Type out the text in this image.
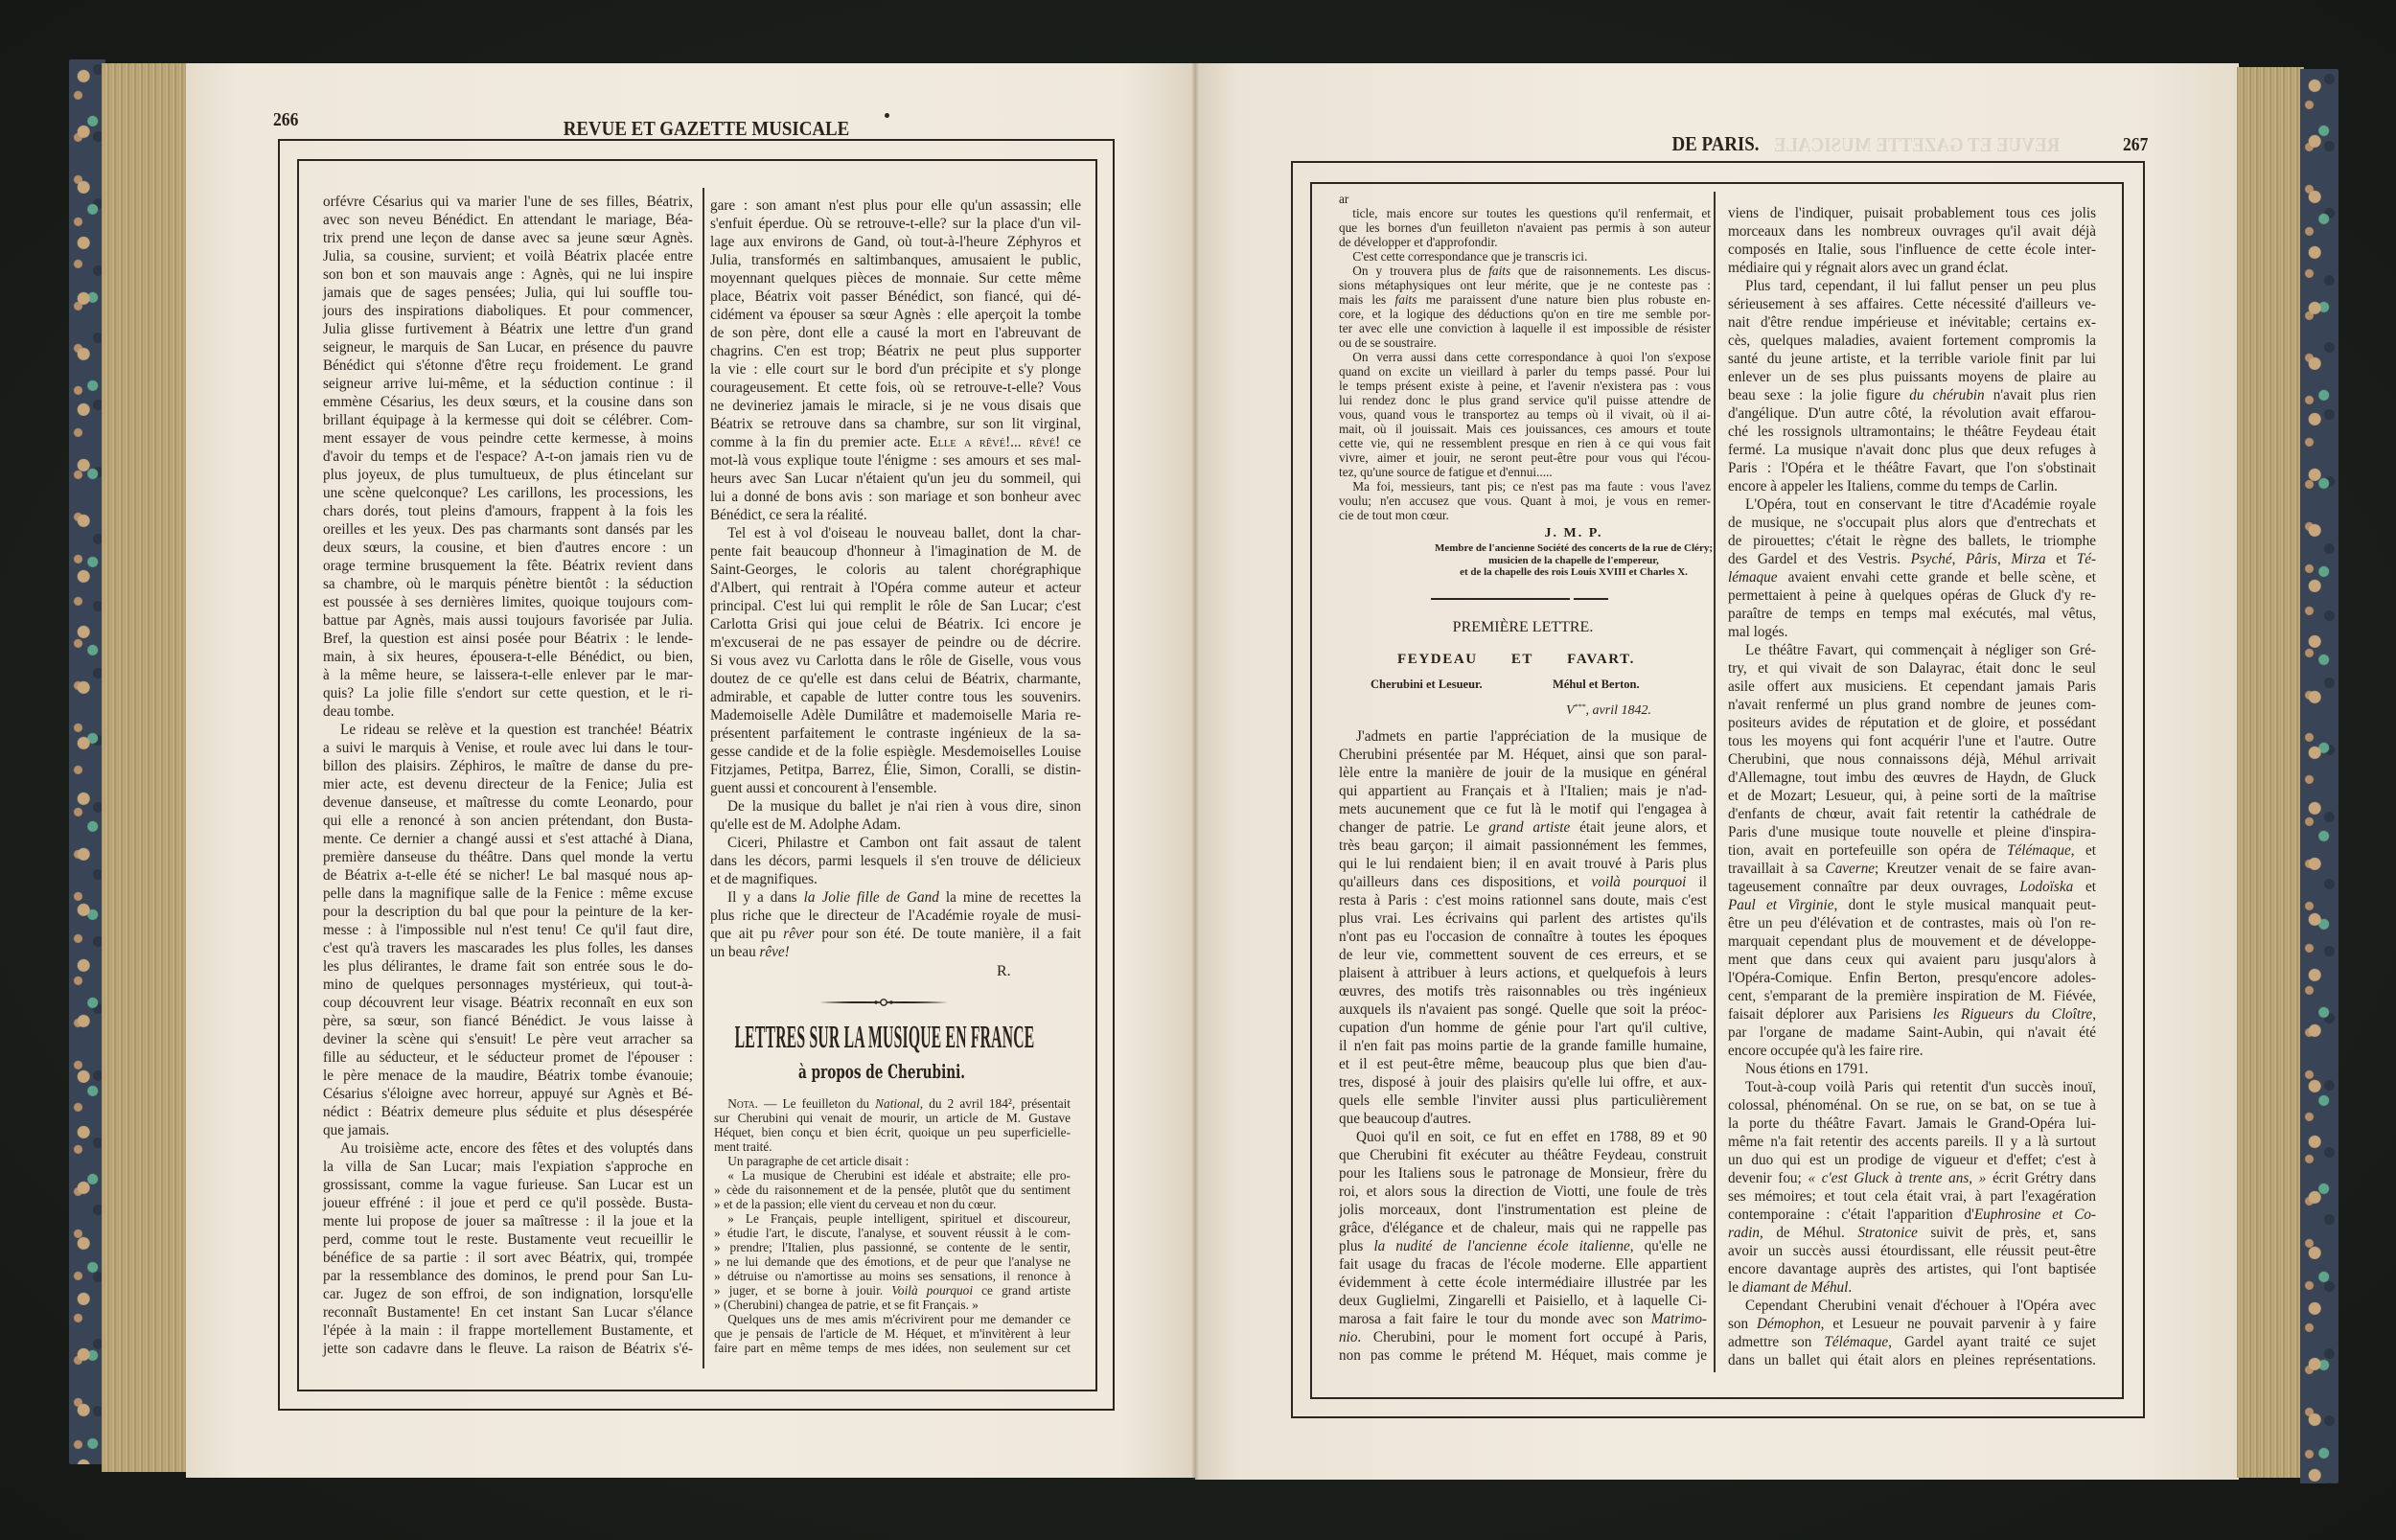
266	REVUE ET GAZETTE MUSICALE
orfévre Césarius qui va marier l'une de ses filles, Béatrix,
avec son neveu Bénédict. En attendant le mariage, Béa-
trix prend une leçon de danse avec sa jeune sœur Agnès.
Julia, sa cousine, survient; et voilà Béatrix placée entre
son bon et son mauvais ange : Agnès, qui ne lui inspire
jamais que de sages pensées; Julia, qui lui souffle tou-
jours des inspirations diaboliques. Et pour commencer,
Julia glisse furtivement à Béatrix une lettre d'un grand
seigneur, le marquis de San Lucar, en présence du pauvre
Bénédict qui s'étonne d'être reçu froidement. Le grand
seigneur arrive lui-même, et la séduction continue : il
emmène Césarius, les deux sœurs, et la cousine dans son
brillant équipage à la kermesse qui doit se célébrer. Com-
ment essayer de vous peindre cette kermesse, à moins
d'avoir du temps et de l'espace? A-t-on jamais rien vu de
plus joyeux, de plus tumultueux, de plus étincelant sur
une scène quelconque? Les carillons, les processions, les
chars dorés, tout pleins d'amours, frappent à la fois les
oreilles et les yeux. Des pas charmants sont dansés par les
deux sœurs, la cousine, et bien d'autres encore : un
orage termine brusquement la fête. Béatrix revient dans
sa chambre, où le marquis pénètre bientôt : la séduction
est poussée à ses dernières limites, quoique toujours com-
battue par Agnès, mais aussi toujours favorisée par Julia.
Bref, la question est ainsi posée pour Béatrix : le lende-
main, à six heures, épousera-t-elle Bénédict, ou bien,
à la même heure, se laissera-t-elle enlever par le mar-
quis? La jolie fille s'endort sur cette question, et le ri-
deau tombe.
Le rideau se relève et la question est tranchée! Béatrix
a suivi le marquis à Venise, et roule avec lui dans le tour-
billon des plaisirs. Zéphiros, le maître de danse du pre-
mier acte, est devenu directeur de la Fenice; Julia est
devenue danseuse, et maîtresse du comte Leonardo, pour
qui elle a renoncé à son ancien prétendant, don Busta-
mente. Ce dernier a changé aussi et s'est attaché à Diana,
première danseuse du théâtre. Dans quel monde la vertu
de Béatrix a-t-elle été se nicher! Le bal masqué nous ap-
pelle dans la magnifique salle de la Fenice : même excuse
pour la description du bal que pour la peinture de la ker-
messe : à l'impossible nul n'est tenu! Ce qu'il faut dire,
c'est qu'à travers les mascarades les plus folles, les danses
les plus délirantes, le drame fait son entrée sous le do-
mino de quelques personnages mystérieux, qui tout-à-
coup découvrent leur visage. Béatrix reconnaît en eux son
père, sa sœur, son fiancé Bénédict. Je vous laisse à
deviner la scène qui s'ensuit! Le père veut arracher sa
fille au séducteur, et le séducteur promet de l'épouser :
le père menace de la maudire, Béatrix tombe évanouie;
Césarius s'éloigne avec horreur, appuyé sur Agnès et Bé-
nédict : Béatrix demeure plus séduite et plus désespérée
que jamais.
Au troisième acte, encore des fêtes et des voluptés dans
la villa de San Lucar; mais l'expiation s'approche en
grossissant, comme la vague furieuse. San Lucar est un
joueur effréné : il joue et perd ce qu'il possède. Busta-
mente lui propose de jouer sa maîtresse : il la joue et la
perd, comme tout le reste. Bustamente veut recueillir le
bénéfice de sa partie : il sort avec Béatrix, qui, trompée
par la ressemblance des dominos, le prend pour San Lu-
car. Jugez de son effroi, de son indignation, lorsqu'elle
reconnaît Bustamente! En cet instant San Lucar s'élance
l'épée à la main : il frappe mortellement Bustamente, et
jette son cadavre dans le fleuve. La raison de Béatrix s'é-
gare : son amant n'est plus pour elle qu'un assassin; elle
s'enfuit éperdue. Où se retrouve-t-elle? sur la place d'un vil-
lage aux environs de Gand, où tout-à-l'heure Zéphyros et
Julia, transformés en saltimbanques, amusaient le public,
moyennant quelques pièces de monnaie. Sur cette même
place, Béatrix voit passer Bénédict, son fiancé, qui dé-
cidément va épouser sa sœur Agnès : elle aperçoit la tombe
de son père, dont elle a causé la mort en l'abreuvant de
chagrins. C'en est trop; Béatrix ne peut plus supporter
la vie : elle court sur le bord d'un précipite et s'y plonge
courageusement. Et cette fois, où se retrouve-t-elle? Vous
ne devineriez jamais le miracle, si je ne vous disais que
Béatrix se retrouve dans sa chambre, sur son lit virginal,
comme à la fin du premier acte. Elle a rêvé!... rêvé! ce
mot-là vous explique toute l'énigme : ses amours et ses mal-
heurs avec San Lucar n'étaient qu'un jeu du sommeil, qui
lui a donné de bons avis : son mariage et son bonheur avec
Bénédict, ce sera la réalité.
Tel est à vol d'oiseau le nouveau ballet, dont la char-
pente fait beaucoup d'honneur à l'imagination de M. de
Saint-Georges, le coloris au talent chorégraphique
d'Albert, qui rentrait à l'Opéra comme auteur et acteur
principal. C'est lui qui remplit le rôle de San Lucar; c'est
Carlotta Grisi qui joue celui de Béatrix. Ici encore je
m'excuserai de ne pas essayer de peindre ou de décrire.
Si vous avez vu Carlotta dans le rôle de Giselle, vous vous
doutez de ce qu'elle est dans celui de Béatrix, charmante,
admirable, et capable de lutter contre tous les souvenirs.
Mademoiselle Adèle Dumilâtre et mademoiselle Maria re-
présentent parfaitement le contraste ingénieux de la sa-
gesse candide et de la folie espiègle. Mesdemoiselles Louise
Fitzjames, Petitpa, Barrez, Élie, Simon, Coralli, se distin-
guent aussi et concourent à l'ensemble.
De la musique du ballet je n'ai rien à vous dire, sinon
qu'elle est de M. Adolphe Adam.
Ciceri, Philastre et Cambon ont fait assaut de talent
dans les décors, parmi lesquels il s'en trouve de délicieux
et de magnifiques.
Il y a dans la Jolie fille de Gand la mine de recettes la
plus riche que le directeur de l'Académie royale de musi-
que ait pu rêver pour son été. De toute manière, il a fait
un beau rêve!
R.
LETTRES SUR LA MUSIQUE EN FRANCE
à propos de Cherubini.
Nota. — Le feuilleton du National, du 2 avril 184², présentait
sur Cherubini qui venait de mourir, un article de M. Gustave
Héquet, bien conçu et bien écrit, quoique un peu superficielle-
ment traité.
Un paragraphe de cet article disait :
« La musique de Cherubini est idéale et abstraite; elle pro-
» cède du raisonnement et de la pensée, plutôt que du sentiment
» et de la passion; elle vient du cerveau et non du cœur.
» Le Français, peuple intelligent, spirituel et discoureur,
» étudie l'art, le discute, l'analyse, et souvent réussit à le com-
» prendre; l'Italien, plus passionné, se contente de le sentir,
» ne lui demande que des émotions, et de peur que l'analyse ne
» détruise ou n'amortisse au moins ses sensations, il renonce à
» juger, et se borne à jouir. Voilà pourquoi ce grand artiste
» (Cherubini) changea de patrie, et se fit Français. »
Quelques uns de mes amis m'écrivirent pour me demander ce
que je pensais de l'article de M. Héquet, et m'invitèrent à leur
faire part en même temps de mes idées, non seulement sur cet
REVUE ET GAZETTE MUSICALE
DE PARIS.	267
ar
ticle, mais encore sur toutes les questions qu'il renfermait, et
que les bornes d'un feuilleton n'avaient pas permis à son auteur
de développer et d'approfondir.
C'est cette correspondance que je transcris ici.
On y trouvera plus de faits que de raisonnements. Les discus-
sions métaphysiques ont leur mérite, que je ne conteste pas :
mais les faits me paraissent d'une nature bien plus robuste en-
core, et la logique des déductions qu'on en tire me semble por-
ter avec elle une conviction à laquelle il est impossible de résister
ou de se soustraire.
On verra aussi dans cette correspondance à quoi l'on s'expose
quand on excite un vieillard à parler du temps passé. Pour lui
le temps présent existe à peine, et l'avenir n'existera pas : vous
lui rendez donc le plus grand service qu'il puisse attendre de
vous, quand vous le transportez au temps où il vivait, où il ai-
mait, où il jouissait. Mais ces jouissances, ces amours et toute
cette vie, qui ne ressemblent presque en rien à ce qui vous fait
vivre, aimer et jouir, ne seront peut-être pour vous qui l'écou-
tez, qu'une source de fatigue et d'ennui.....
Ma foi, messieurs, tant pis; ce n'est pas ma faute : vous l'avez
voulu; n'en accusez que vous. Quant à moi, je vous en remer-
cie de tout mon cœur.
J. M. P.
Membre de l'ancienne Société des concerts de la rue de Cléry;
musicien de la chapelle de l'empereur,
et de la chapelle des rois Louis XVIII et Charles X.
PREMIÈRE LETTRE.
FEYDEAU ET FAVART.
Cherubini et Lesueur.	Méhul et Berton.
V***, avril 1842.
J'admets en partie l'appréciation de la musique de
Cherubini présentée par M. Héquet, ainsi que son paral-
lèle entre la manière de jouir de la musique en général
qui appartient au Français et à l'Italien; mais je n'ad-
mets aucunement que ce fut là le motif qui l'engagea à
changer de patrie. Le grand artiste était jeune alors, et
très beau garçon; il aimait passionnément les femmes,
qui le lui rendaient bien; il en avait trouvé à Paris plus
qu'ailleurs dans ces dispositions, et voilà pourquoi il
resta à Paris : c'est moins rationnel sans doute, mais c'est
plus vrai. Les écrivains qui parlent des artistes qu'ils
n'ont pas eu l'occasion de connaître à toutes les époques
de leur vie, commettent souvent de ces erreurs, et se
plaisent à attribuer à leurs actions, et quelquefois à leurs
œuvres, des motifs très raisonnables ou très ingénieux
auxquels ils n'avaient pas songé. Quelle que soit la préoc-
cupation d'un homme de génie pour l'art qu'il cultive,
il n'en fait pas moins partie de la grande famille humaine,
et il est peut-être même, beaucoup plus que bien d'au-
tres, disposé à jouir des plaisirs qu'elle lui offre, et aux-
quels elle semble l'inviter aussi plus particulièrement
que beaucoup d'autres.
Quoi qu'il en soit, ce fut en effet en 1788, 89 et 90
que Cherubini fit exécuter au théâtre Feydeau, construit
pour les Italiens sous le patronage de Monsieur, frère du
roi, et alors sous la direction de Viotti, une foule de très
jolis morceaux, dont l'instrumentation est pleine de
grâce, d'élégance et de chaleur, mais qui ne rappelle pas
plus la nudité de l'ancienne école italienne, qu'elle ne
fait usage du fracas de l'école moderne. Elle appartient
évidemment à cette école intermédiaire illustrée par les
deux Guglielmi, Zingarelli et Paisiello, et à laquelle Ci-
marosa a fait faire le tour du monde avec son Matrimo-
nio. Cherubini, pour le moment fort occupé à Paris,
non pas comme le prétend M. Héquet, mais comme je
viens de l'indiquer, puisait probablement tous ces jolis
morceaux dans les nombreux ouvrages qu'il avait déjà
composés en Italie, sous l'influence de cette école inter-
médiaire qui y régnait alors avec un grand éclat.
Plus tard, cependant, il lui fallut penser un peu plus
sérieusement à ses affaires. Cette nécessité d'ailleurs ve-
nait d'être rendue impérieuse et inévitable; certains ex-
cès, quelques maladies, avaient fortement compromis la
santé du jeune artiste, et la terrible variole finit par lui
enlever un de ses plus puissants moyens de plaire au
beau sexe : la jolie figure du chérubin n'avait plus rien
d'angélique. D'un autre côté, la révolution avait effarou-
ché les rossignols ultramontains; le théâtre Feydeau était
fermé. La musique n'avait donc plus que deux refuges à
Paris : l'Opéra et le théâtre Favart, que l'on s'obstinait
encore à appeler les Italiens, comme du temps de Carlin.
L'Opéra, tout en conservant le titre d'Académie royale
de musique, ne s'occupait plus alors que d'entrechats et
de pirouettes; c'était le règne des ballets, le triomphe
des Gardel et des Vestris. Psyché, Pâris, Mirza et Té-
lémaque avaient envahi cette grande et belle scène, et
permettaient à peine à quelques opéras de Gluck d'y re-
paraître de temps en temps mal exécutés, mal vêtus,
mal logés.
Le théâtre Favart, qui commençait à négliger son Gré-
try, et qui vivait de son Dalayrac, était donc le seul
asile offert aux musiciens. Et cependant jamais Paris
n'avait renfermé un plus grand nombre de jeunes com-
positeurs avides de réputation et de gloire, et possédant
tous les moyens qui font acquérir l'une et l'autre. Outre
Cherubini, que nous connaissons déjà, Méhul arrivait
d'Allemagne, tout imbu des œuvres de Haydn, de Gluck
et de Mozart; Lesueur, qui, à peine sorti de la maîtrise
d'enfants de chœur, avait fait retentir la cathédrale de
Paris d'une musique toute nouvelle et pleine d'inspira-
tion, avait en portefeuille son opéra de Télémaque, et
travaillait à sa Caverne; Kreutzer venait de se faire avan-
tageusement connaître par deux ouvrages, Lodoïska et
Paul et Virginie, dont le style musical manquait peut-
être un peu d'élévation et de contrastes, mais où l'on re-
marquait cependant plus de mouvement et de développe-
ment que dans ceux qui avaient paru jusqu'alors à
l'Opéra-Comique. Enfin Berton, presqu'encore adoles-
cent, s'emparant de la première inspiration de M. Fiévée,
faisait déplorer aux Parisiens les Rigueurs du Cloître,
par l'organe de madame Saint-Aubin, qui n'avait été
encore occupée qu'à les faire rire.
Nous étions en 1791.
Tout-à-coup voilà Paris qui retentit d'un succès inouï,
colossal, phénoménal. On se rue, on se bat, on se tue à
la porte du théâtre Favart. Jamais le Grand-Opéra lui-
même n'a fait retentir des accents pareils. Il y a là surtout
un duo qui est un prodige de vigueur et d'effet; c'est à
devenir fou; « c'est Gluck à trente ans, » écrit Grétry dans
ses mémoires; et tout cela était vrai, à part l'exagération
contemporaine : c'était l'apparition d'Euphrosine et Co-
radin, de Méhul. Stratonice suivit de près, et, sans
avoir un succès aussi étourdissant, elle réussit peut-être
encore davantage auprès des artistes, qui l'ont baptisée
le diamant de Méhul.
Cependant Cherubini venait d'échouer à l'Opéra avec
son Démophon, et Lesueur ne pouvait parvenir à y faire
admettre son Télémaque, Gardel ayant traité ce sujet
dans un ballet qui était alors en pleines représentations.
